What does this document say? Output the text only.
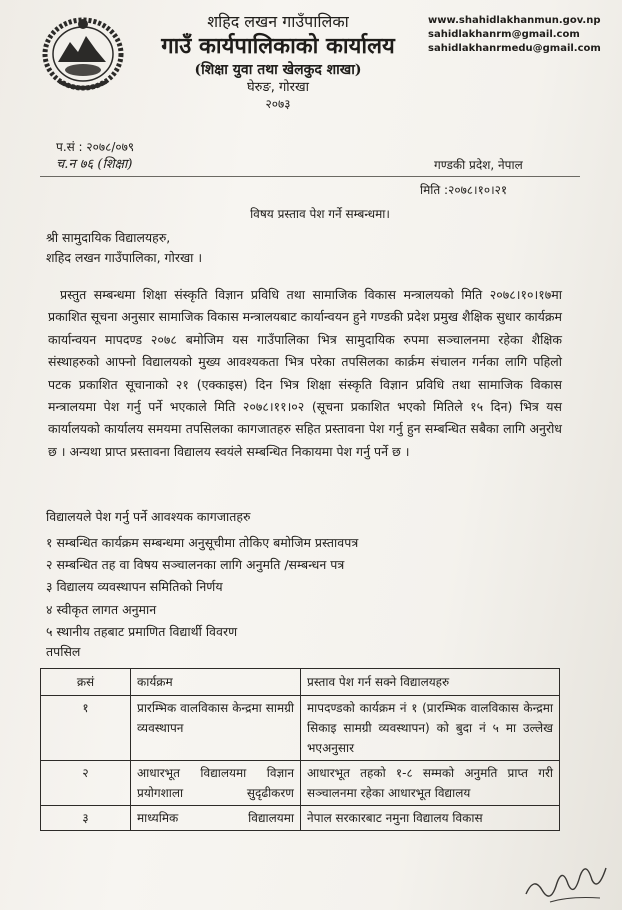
शहिद लखन गाउँपालिका
गाउँ कार्यपालिकाको कार्यालय
(शिक्षा युवा तथा खेलकुद शाखा)
घेरुङ, गोरखा
२०७३
www.shahidlakhanmun.gov.np
sahidlakhanrm@gmail.com
sahidlakhanrmedu@gmail.com
प.सं : २०७८/०७९
च.न ७६ (शिक्षा)	गण्डकी प्रदेश, नेपाल
मिति :२०७८।१०।२१
विषय प्रस्ताव पेश गर्ने सम्बन्धमा।
श्री सामुदायिक विद्यालयहरु,
शहिद लखन गाउँपालिका, गोरखा ।

प्रस्तुत सम्बन्धमा शिक्षा संस्कृति विज्ञान प्रविधि तथा सामाजिक विकास मन्त्रालयको मिति २०७८।१०।१७मा प्रकाशित सूचना अनुसार सामाजिक विकास मन्त्रालयबाट कार्यान्वयन हुने गण्डकी प्रदेश प्रमुख शैक्षिक सुधार कार्यक्रम कार्यान्वयन मापदण्ड २०७८ बमोजिम यस गाउँपालिका भित्र सामुदायिक रुपमा सञ्चालनमा रहेका शैक्षिक संस्थाहरुको आफ्नो विद्यालयको मुख्य आवश्यकता भित्र परेका तपसिलका कार्क्रम संचालन गर्नका लागि पहिलो पटक प्रकाशित सूचानाको २१ (एक्काइस) दिन भित्र शिक्षा संस्कृति विज्ञान प्रविधि तथा सामाजिक विकास मन्त्रालयमा पेश गर्नु पर्ने भएकाले मिति २०७८।११।०२ (सूचना प्रकाशित भएको मितिले १५ दिन) भित्र यस कार्यालयको कार्यालय समयमा तपसिलका कागजातहरु सहित प्रस्तावना पेश गर्नु हुन सम्बन्धित सबैका लागि अनुरोध छ । अन्यथा प्राप्त प्रस्तावना विद्यालय स्वयंले सम्बन्धित निकायमा पेश गर्नु पर्ने छ ।

विद्यालयले पेश गर्नु पर्ने आवश्यक कागजातहरु
१ सम्बन्धित कार्यक्रम सम्बन्धमा अनुसूचीमा तोकिए बमोजिम प्रस्तावपत्र
२ सम्बन्धित तह वा विषय सञ्चालनका लागि अनुमति /सम्बन्धन पत्र
३ विद्यालय व्यवस्थापन समितिको निर्णय
४ स्वीकृत लागत अनुमान
५ स्थानीय तहबाट प्रमाणित विद्यार्थी विवरण
तपसिल
क्रसं	कार्यक्रम	प्रस्ताव पेश गर्न सक्ने विद्यालयहरु
१	प्रारम्भिक वालविकास केन्द्रमा सामग्री व्यवस्थापन	मापदण्डको कार्यक्रम नं १ (प्रारम्भिक वालविकास केन्द्रमा सिकाइ सामग्री व्यवस्थापन) को बुदा नं ५ मा उल्लेख भएअनुसार
२	आधारभूत विद्यालयमा विज्ञान प्रयोगशाला सुदृढीकरण	आधारभूत तहको १-८ सम्मको अनुमति प्राप्त गरी सञ्चालनमा रहेका आधारभूत विद्यालय
३	माध्यमिक विद्यालयमा	नेपाल सरकारबाट नमुना विद्यालय विकास
